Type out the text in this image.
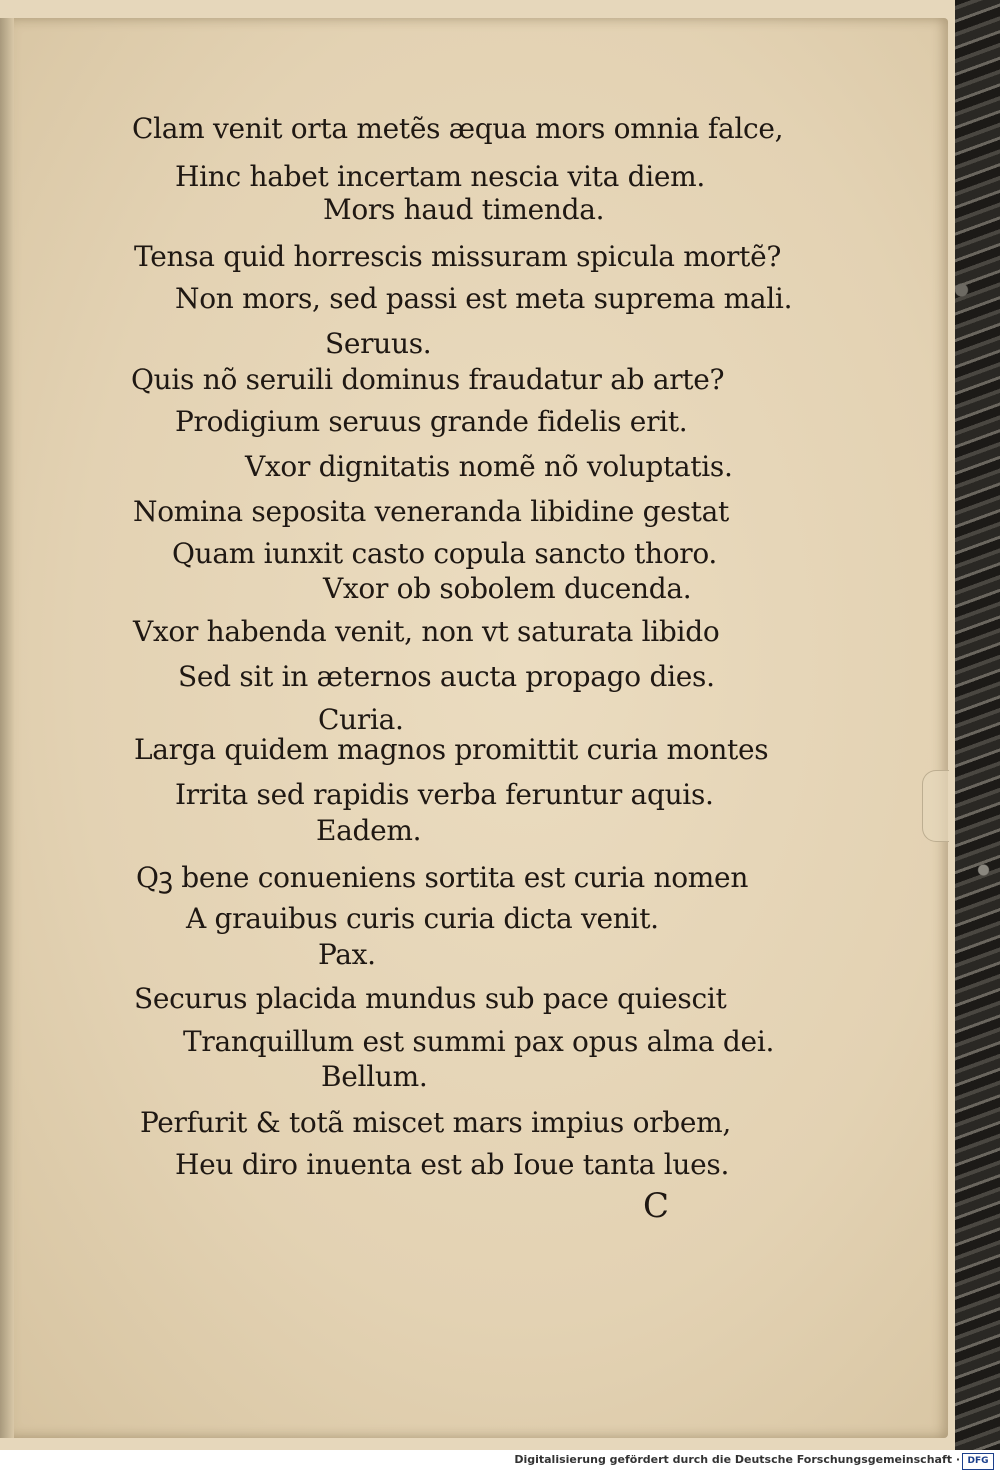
Clam venit orta metẽs æqua mors omnia falce,
Hinc habet incertam nescia vita diem.
Mors haud timenda.
Tensa quid horrescis missuram spicula mortẽ?
Non mors, sed passi est meta suprema mali.
Seruus.
Quis nõ seruili dominus fraudatur ab arte?
Prodigium seruus grande fidelis erit.
Vxor dignitatis nomẽ nõ voluptatis.
Nomina seposita veneranda libidine gestat
Quam iunxit casto copula sancto thoro.
Vxor ob sobolem ducenda.
Vxor habenda venit, non vt saturata libido
Sed sit in æternos aucta propago dies.
Curia.
Larga quidem magnos promittit curia montes
Irrita sed rapidis verba feruntur aquis.
Eadem.
Qꝫ bene conueniens sortita est curia nomen
A grauibus curis curia dicta venit.
Pax.
Securus placida mundus sub pace quiescit
Tranquillum est summi pax opus alma dei.
Bellum.
Perfurit & totã miscet mars impius orbem,
Heu diro inuenta est ab Ioue tanta lues.
C
Digitalisierung gefördert durch die Deutsche Forschungsgemeinschaft · DFG
